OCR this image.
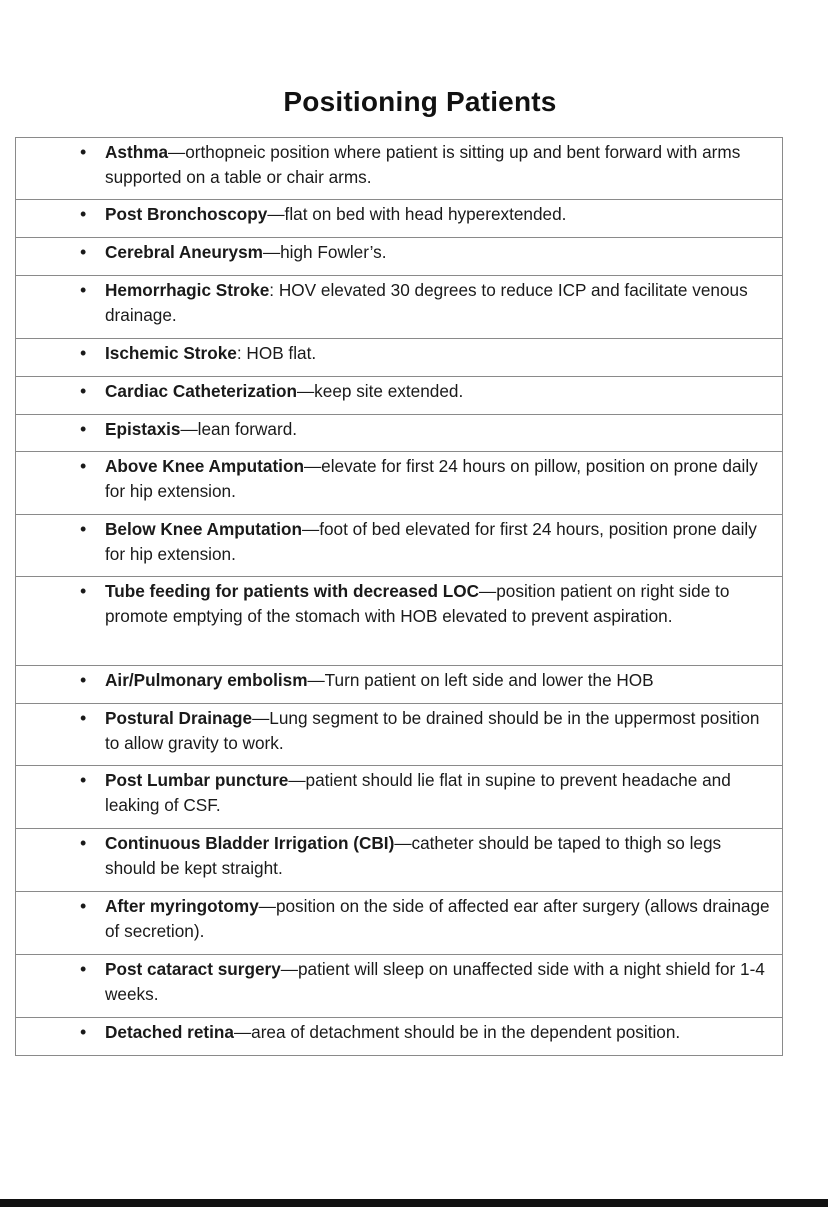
Positioning Patients
•	Asthma—orthopneic position where patient is sitting up and bent forward with arms supported on a table or chair arms.
•	Post Bronchoscopy—flat on bed with head hyperextended.
•	Cerebral Aneurysm—high Fowler’s.
•	Hemorrhagic Stroke: HOV elevated 30 degrees to reduce ICP and facilitate venous drainage.
•	Ischemic Stroke: HOB flat.
•	Cardiac Catheterization—keep site extended.
•	Epistaxis—lean forward.
•	Above Knee Amputation—elevate for first 24 hours on pillow, position on prone daily for hip extension.
•	Below Knee Amputation—foot of bed elevated for first 24 hours, position prone daily for hip extension.
•	Tube feeding for patients with decreased LOC—position patient on right side to promote emptying of the stomach with HOB elevated to prevent aspiration.
•	Air/Pulmonary embolism—Turn patient on left side and lower the HOB
•	Postural Drainage—Lung segment to be drained should be in the uppermost position to allow gravity to work.
•	Post Lumbar puncture—patient should lie flat in supine to prevent headache and leaking of CSF.
•	Continuous Bladder Irrigation (CBI)—catheter should be taped to thigh so legs should be kept straight.
•	After myringotomy—position on the side of affected ear after surgery (allows drainage of secretion).
•	Post cataract surgery—patient will sleep on unaffected side with a night shield for 1-4 weeks.
•	Detached retina—area of detachment should be in the dependent position.
